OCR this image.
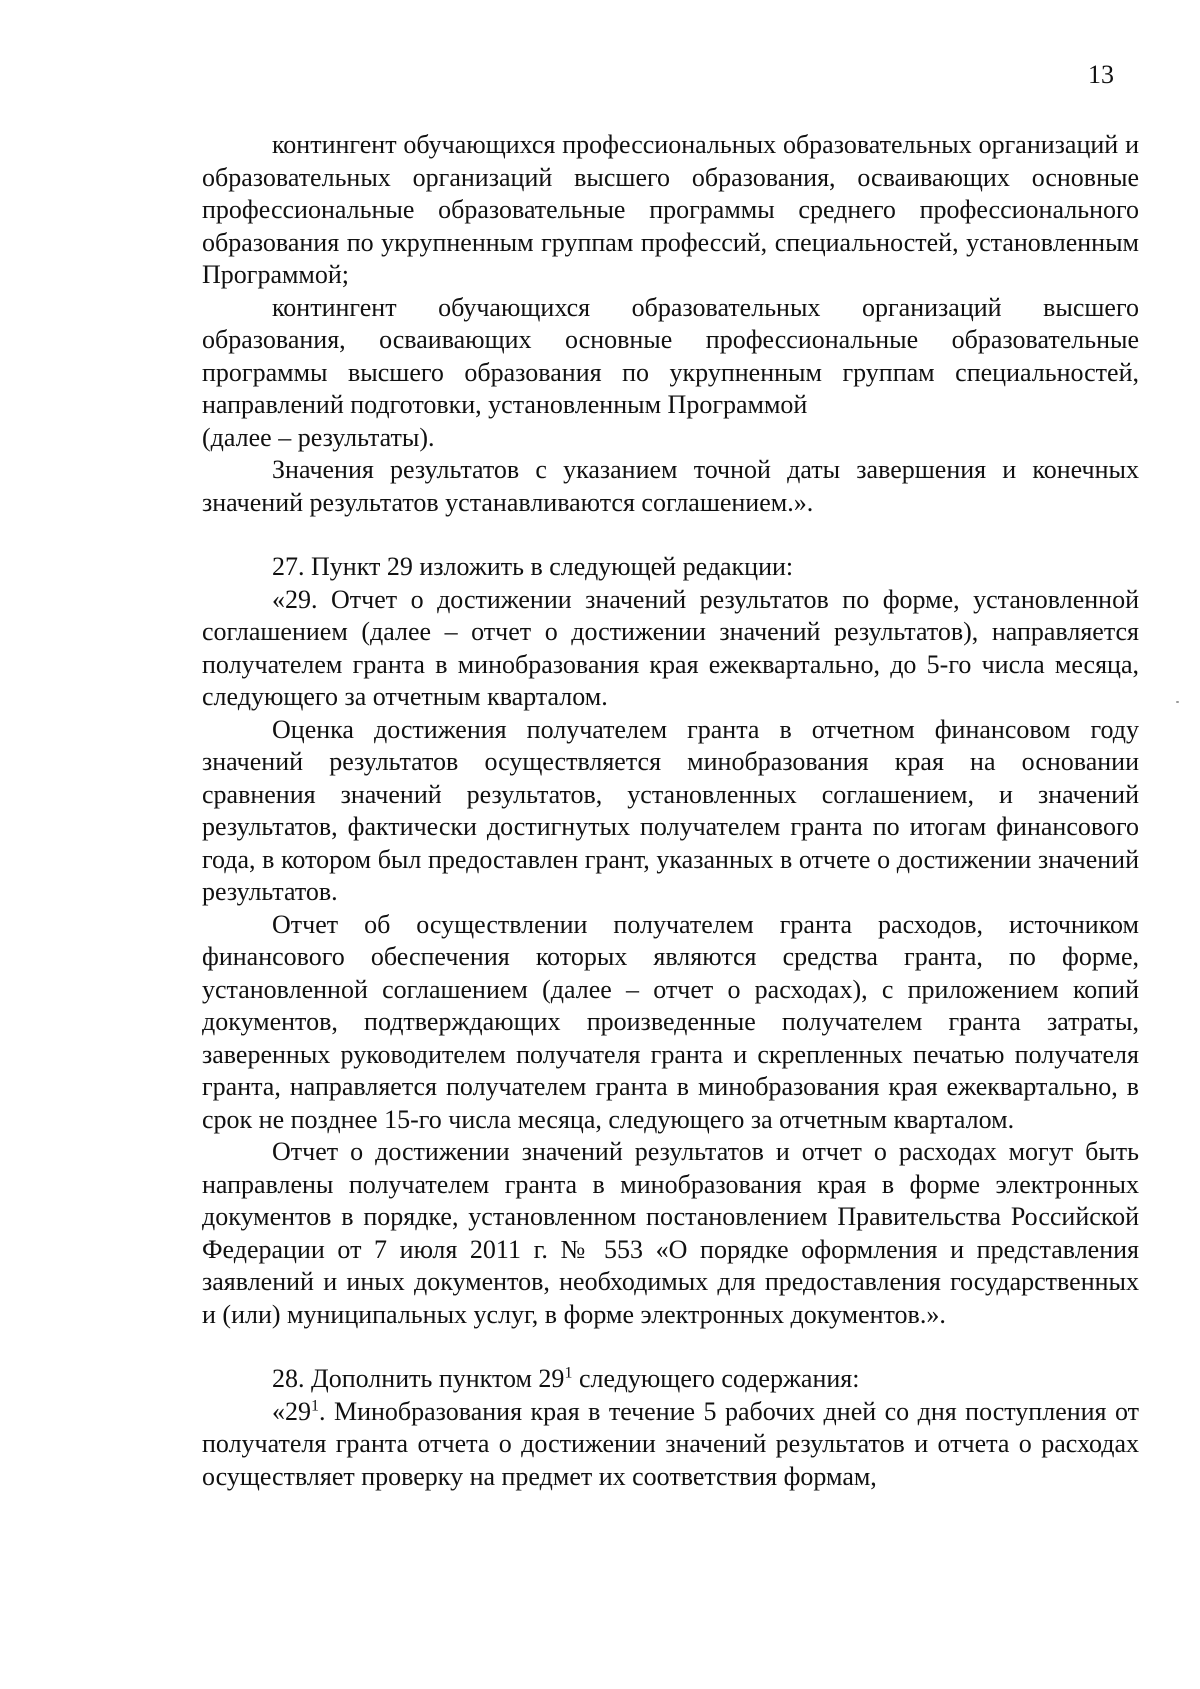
13

контингент обучающихся профессиональных образовательных организаций и образовательных организаций высшего образования, осваивающих основные профессиональные образовательные программы среднего профессионального образования по укрупненным группам профессий, специальностей, установленным Программой;

контингент обучающихся образовательных организаций высшего образования, осваивающих основные профессиональные образовательные программы высшего образования по укрупненным группам специальностей, направлений подготовки, установленным Программой

(далее – результаты).

Значения результатов с указанием точной даты завершения и конечных значений результатов устанавливаются соглашением.».

27. Пункт 29 изложить в следующей редакции:

«29. Отчет о достижении значений результатов по форме, установленной соглашением (далее – отчет о достижении значений результатов), направляется получателем гранта в минобразования края ежеквартально, до 5-го числа месяца, следующего за отчетным кварталом.

Оценка достижения получателем гранта в отчетном финансовом году значений результатов осуществляется минобразования края на основании сравнения значений результатов, установленных соглашением, и значений результатов, фактически достигнутых получателем гранта по итогам финансового года, в котором был предоставлен грант, указанных в отчете о достижении значений результатов.

Отчет об осуществлении получателем гранта расходов, источником финансового обеспечения которых являются средства гранта, по форме, установленной соглашением (далее – отчет о расходах), с приложением копий документов, подтверждающих произведенные получателем гранта затраты, заверенных руководителем получателя гранта и скрепленных печатью получателя гранта, направляется получателем гранта в минобразования края ежеквартально, в срок не позднее 15-го числа месяца, следующего за отчетным кварталом.

Отчет о достижении значений результатов и отчет о расходах могут быть направлены получателем гранта в минобразования края в форме электронных документов в порядке, установленном постановлением Правительства Российской Федерации от 7 июля 2011 г. № 553 «О порядке оформления и представления заявлений и иных документов, необходимых для предоставления государственных и (или) муниципальных услуг, в форме электронных документов.».

28. Дополнить пунктом $29^1$ следующего содержания:

«$29^1$. Минобразования края в течение 5 рабочих дней со дня поступления от получателя гранта отчета о достижении значений результатов и отчета о расходах осуществляет проверку на предмет их соответствия формам,
